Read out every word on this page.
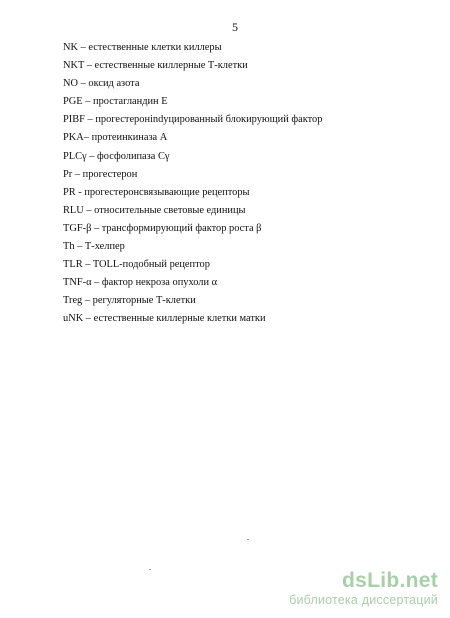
5
NK – естественные клетки киллеры
NKT – естественные киллерные Т-клетки
NO – оксид азота
PGE – простагландин Е
PIBF – прогестеронindуцированный блокирующий фактор
PKA– протеинкиназа А
PLCγ – фосфолипаза Cγ
Pr – прогестерон
PR - прогестеронсвязывающие рецепторы
RLU – относительные световые единицы
TGF-β – трансформирующий фактор роста β
Th – Т-хелпер
TLR – TOLL-подобный рецептор
TNF-α – фактор некроза опухоли α
Treg – регуляторные Т-клетки
uNK – естественные киллерные клетки матки
dsLib.net
библиотека диссертаций
